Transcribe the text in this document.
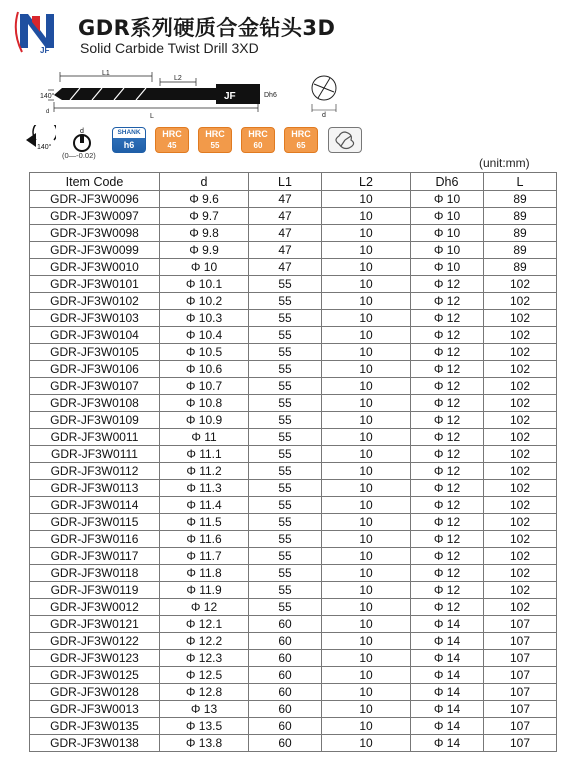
JF
GDR系列硬质合金钻头3D
Solid Carbide Twist Drill 3XD
JF
140°
L1
L2
L
Dh6
d	d
140°
d
(0—-0.02)
SHANK
h6
HRC
45
HRC
55
HRC
60
HRC
65
(unit:mm)
Item Code	d	L1	L2	Dh6	L
GDR-JF3W0096	Φ 9.6	47	10	Φ 10	89
GDR-JF3W0097	Φ 9.7	47	10	Φ 10	89
GDR-JF3W0098	Φ 9.8	47	10	Φ 10	89
GDR-JF3W0099	Φ 9.9	47	10	Φ 10	89
GDR-JF3W0010	Φ 10	47	10	Φ 10	89
GDR-JF3W0101	Φ 10.1	55	10	Φ 12	102
GDR-JF3W0102	Φ 10.2	55	10	Φ 12	102
GDR-JF3W0103	Φ 10.3	55	10	Φ 12	102
GDR-JF3W0104	Φ 10.4	55	10	Φ 12	102
GDR-JF3W0105	Φ 10.5	55	10	Φ 12	102
GDR-JF3W0106	Φ 10.6	55	10	Φ 12	102
GDR-JF3W0107	Φ 10.7	55	10	Φ 12	102
GDR-JF3W0108	Φ 10.8	55	10	Φ 12	102
GDR-JF3W0109	Φ 10.9	55	10	Φ 12	102
GDR-JF3W0011	Φ 11	55	10	Φ 12	102
GDR-JF3W0111	Φ 11.1	55	10	Φ 12	102
GDR-JF3W0112	Φ 11.2	55	10	Φ 12	102
GDR-JF3W0113	Φ 11.3	55	10	Φ 12	102
GDR-JF3W0114	Φ 11.4	55	10	Φ 12	102
GDR-JF3W0115	Φ 11.5	55	10	Φ 12	102
GDR-JF3W0116	Φ 11.6	55	10	Φ 12	102
GDR-JF3W0117	Φ 11.7	55	10	Φ 12	102
GDR-JF3W0118	Φ 11.8	55	10	Φ 12	102
GDR-JF3W0119	Φ 11.9	55	10	Φ 12	102
GDR-JF3W0012	Φ 12	55	10	Φ 12	102
GDR-JF3W0121	Φ 12.1	60	10	Φ 14	107
GDR-JF3W0122	Φ 12.2	60	10	Φ 14	107
GDR-JF3W0123	Φ 12.3	60	10	Φ 14	107
GDR-JF3W0125	Φ 12.5	60	10	Φ 14	107
GDR-JF3W0128	Φ 12.8	60	10	Φ 14	107
GDR-JF3W0013	Φ 13	60	10	Φ 14	107
GDR-JF3W0135	Φ 13.5	60	10	Φ 14	107
GDR-JF3W0138	Φ 13.8	60	10	Φ 14	107
